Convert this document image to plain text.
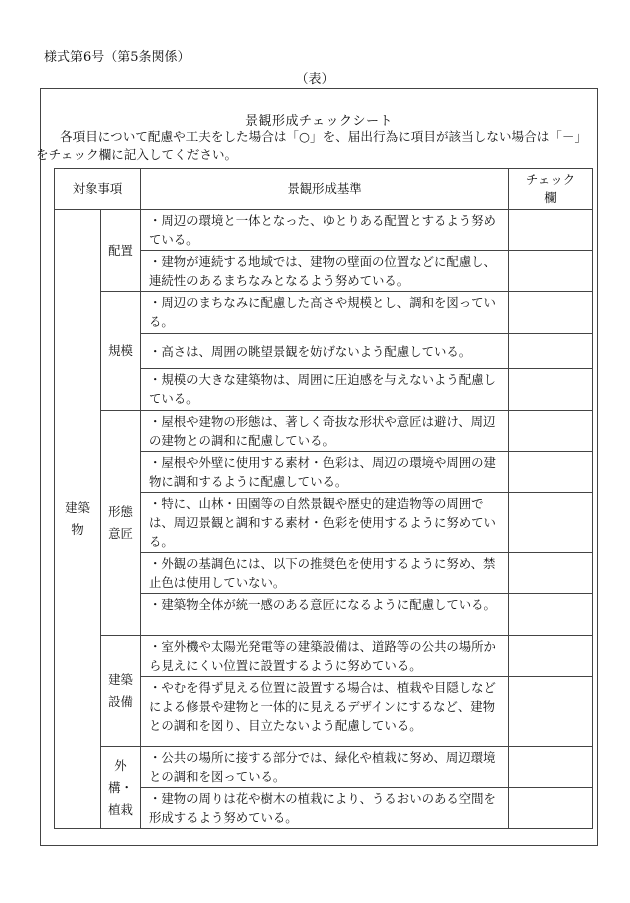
様式第6号（第5条関係）
（表）
景観形成チェックシート
各項目について配慮や工夫をした場合は「○」を、届出行為に項目が該当しない場合は「－」
をチェック欄に記入してください。
対象事項		景観形成基準	チェック
欄
建築
物	配置	・周辺の環境と一体となった、ゆとりある配置とするよう努めている。	
		・建物が連続する地域では、建物の壁面の位置などに配慮し、連続性のあるまちなみとなるよう努めている。	
	規模	・周辺のまちなみに配慮した高さや規模とし、調和を図っている。	
		・高さは、周囲の眺望景観を妨げないよう配慮している。	
		・規模の大きな建築物は、周囲に圧迫感を与えないよう配慮している。	
	形態
意匠	・屋根や建物の形態は、著しく奇抜な形状や意匠は避け、周辺の建物との調和に配慮している。	
		・屋根や外壁に使用する素材・色彩は、周辺の環境や周囲の建物に調和するように配慮している。	
		・特に、山林・田園等の自然景観や歴史的建造物等の周囲では、周辺景観と調和する素材・色彩を使用するように努めている。	
		・外観の基調色には、以下の推奨色を使用するように努め、禁止色は使用していない。	
		・建築物全体が統一感のある意匠になるように配慮している。	
	建築
設備	・室外機や太陽光発電等の建築設備は、道路等の公共の場所から見えにくい位置に設置するように努めている。	
		・やむを得ず見える位置に設置する場合は、植栽や目隠しなどによる修景や建物と一体的に見えるデザインにするなど、建物との調和を図り、目立たないよう配慮している。	
	外
構・
植栽	・公共の場所に接する部分では、緑化や植栽に努め、周辺環境との調和を図っている。	
		・建物の周りは花や樹木の植栽により、うるおいのある空間を形成するよう努めている。	
